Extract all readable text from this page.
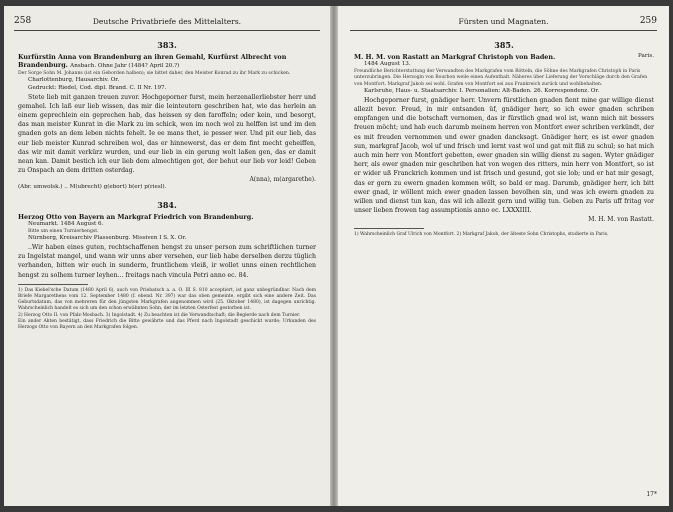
258	Deutsche Privatbriefe des Mittelalters.
383.
Kurfürstin Anna von Brandenburg an ihren Gemahl, Kurfürst Albrecht von Brandenburg. Ansbach. Ohne Jahr (1484? April 20.?)
Der Sorge Sohn M. Johanns (ist ein Geborden halben); sie bittet daher, den Meister Konrad zu ihr Mark zu schicken.
Charlottenburg, Hausarchiv. Or.
Gedruckt: Riedel, Cod. dipl. Brand. C. II Nr. 197.
Stete lieb mit ganzen treuen zuvor. Hochgeporner furst, mein herzenallerliebster herr und gemahel. Ich laß eur lieb wissen, das mir die leinteutern geschriben hat, wie das herlein an einem geprechlein ein geprechen hab, das heissen sy den faroffeln; oder kein, und besorgt, das man meister Kunrat in die Mark zu im schick, wen im noch wol zu helffen ist und im den gnaden gots an dem leben nichts fehelt. Ie ee mans thet, ie pesser wer. Und pit eur lieb, das eur lieb meister Kunrad schreiben wol, das er hinnewerst, das er dem fint mecht geheiffen, das wir mit damit verkürz wurden, und eur lieb in ein gerung wolt laßen gen, das er damit nean kan. Damit bestich ich eur lieb dem almechtigen got, der behut eur lieb vor leid! Geben zu Onspach an dem dritten osterdag.
A(nna), m(argarethe).
(Abr. umwolsk.) .. M(ubrecht) g(ebort) b(er) p(riesl).
384.
Herzog Otto von Bayern an Markgraf Friedrich von Brandenburg.
Neumarkt. 1484 August 6.
Bitte um einen Turnierhengst.
Nürnberg, Kreisarchiv Plassenburg. Missiven I S. X. Or.
..Wir haben eines guten, rechtschaffenen hengst zu unser person zum schriftlichen turner zu Ingelstat mangel, und wann wir unns aber versehen, eur lieb habe derselben derzu tüglich verhanden, bitten wir euch in sunderm, fruntlichem vleiß, ir wollet unns einen rechtlichen hengst zu solhem turner leyhen... freitags nach vincula Petri anno ec. 84.
1) Das Kiebel'sche Datum (1480 April 6), auch von Priebatsch a. a. O. III S. 810 acceptiert, ist ganz unbegründbar. Nach dem Briefe Margarethens vom 12. September 1480 (f. ebend. Nr. 397) war das oben gemeinte, ergibt sich eine andere Zeit. Das Geburtsdatum, das von mehreren für den jüngsten Markgrafen angenommen wird (25. Oktober 1480), ist dagegen unrichtig. Wahrscheinlich handelt es sich um den schon erwähnten Sohn, der im letzten Osterfest gestorben ist.
2) Herzog Otto II. von Pfalz-Mosbach. 3) Ingolstadt. 4) Zu beachten ist die Verwandtschaft; die Begierde nach dem Turnier.
Ein ander Akten bestätigt, dass Friedrich die Bitte gewährte und das Pferd nach Ingolstadt geschickt wurde; Urkunden des Herzogs Otto von Bayern an den Markgrafen folgen.
Fürsten und Magnaten.	259
385.
M. H. M. von Rastatt an Markgraf Christoph von Baden.	Paris.
1484 August 13.
Freundliche Berichterstattung der Verwandten des Markgrafen vom Rötteln, die Söhne des Markgrafen Christoph in Paris unterzubringen. Die Herzogin von Bourbon weile einen Aufenthalt. Näheres über Lieferung der Vorschläge durch den Grafen von Montfort. Markgraf Jakob sei wohl. Grafen von Montfort sei aus Frankreich zurück und wohlbehalten.
Karlsruhe, Haus- u. Staatsarchiv. I. Personalien: Alt-Baden. 26. Korrespondenz. Or.
Hochgeporner furst, gnädiger herr. Unvern fürstlichen gnaden fient mine gar willige dienst allezit bevor. Freud, in mir entsanden üf, gnädiger herr, so ich ewer gnaden schriben empfangen und die botschaft vernomen, das ir fürstlich gnad wol ist, wann mich nit bessers freuen möcht; und hab euch darumb meinem herren von Montfort ewer schriben verkündt, der es mit freuden vernommen und ewer gnaden dancksagt. Gnädiger herr, es ist ewer gnaden sun, markgraf Jacob, wol uf und frisch und lernt vast wol und gat mit fliß zu schul; so hat mich auch min herr von Montfort gebetten, ewer gnaden sin willig dienst zu sagen. Wyter gnädiger herr, als ewer gnaden mir geschriben hat von wegen des ritters, min herr von Montfort, so ist er wider uß Franckrich kommen und ist frisch und gesund, got sie lob; und er hat mir gesagt, das er gern zu ewern gnaden kommen wölt, so bald er mag. Darumb, gnädiger herr, ich bitt ewer gnad, ir wöllent mich ewer gnaden lassen bevolhen sin, und was ich ewern gnaden zu willen und dienst tun kan, das wil ich allezit gern und willig tun. Geben zu Paris uff fritag vor unser lieben frowen tag assumptionis anno ec. LXXXIIII.
M. H. M. von Rastatt.
1) Wahrscheinlich Graf Ulrich von Montfort. 2) Markgraf Jakob, der älteste Sohn Christophs, studierte in Paris.
17*
